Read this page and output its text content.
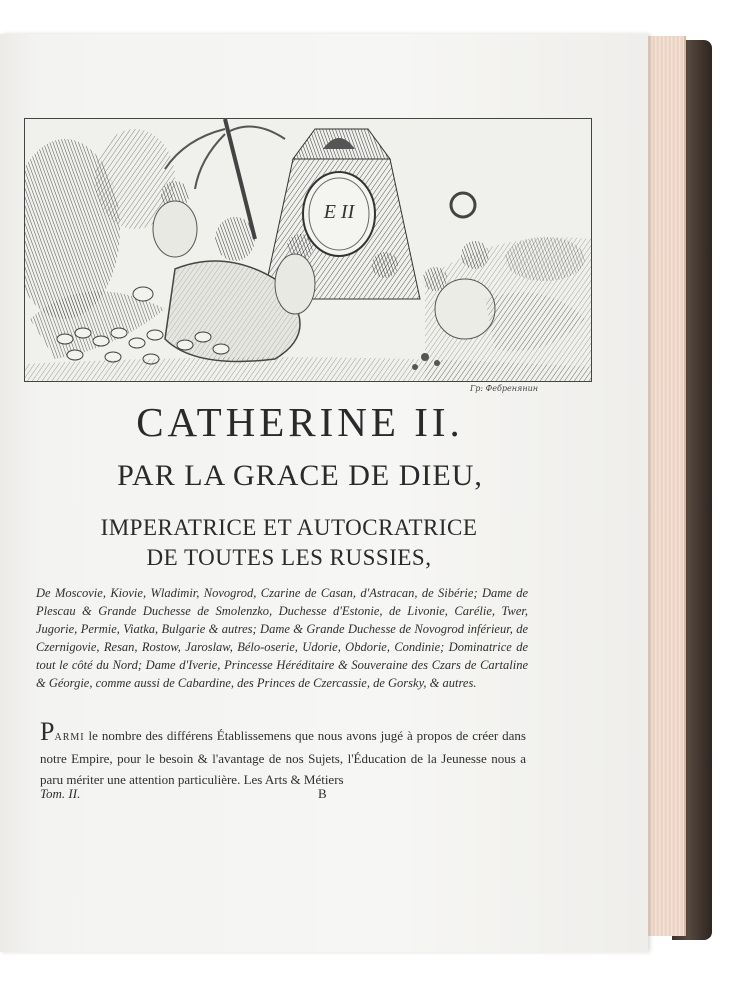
E II
Гр: Фебренянин
CATHERINE II.
PAR LA GRACE DE DIEU,
IMPERATRICE ET AUTOCRATRICE
DE TOUTES LES RUSSIES,
De Moscovie, Kiovie, Wladimir, Novogrod, Czarine de Casan, d'Astracan, de Sibérie; Dame de Plescau & Grande Duchesse de Smolenzko, Duchesse d'Estonie, de Livonie, Carélie, Twer, Jugorie, Permie, Viatka, Bulgarie & autres; Dame & Grande Duchesse de Novogrod inférieur, de Czernigovie, Resan, Rostow, Jaroslaw, Bélo-oserie, Udorie, Obdorie, Condinie; Dominatrice de tout le côté du Nord; Dame d'Iverie, Princesse Héréditaire & Souveraine des Czars de Cartaline & Géorgie, comme aussi de Cabardine, des Princes de Czercassie, de Gorsky, & autres.
PARMI le nombre des différens Établissemens que nous avons jugé à propos de créer dans notre Empire, pour le besoin & l'avantage de nos Sujets, l'Éducation de la Jeunesse nous a paru mériter une attention particulière. Les Arts & Métiers
Tom. II.	B
